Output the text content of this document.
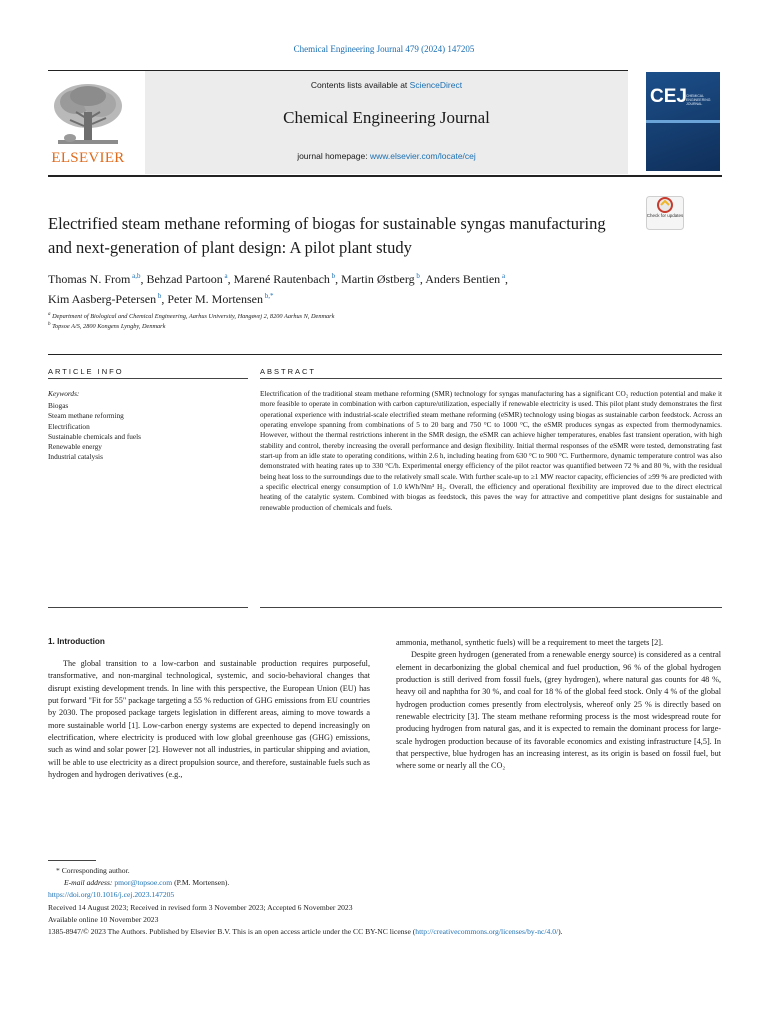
Chemical Engineering Journal 479 (2024) 147205
Contents lists available at ScienceDirect
Chemical Engineering Journal
journal homepage: www.elsevier.com/locate/cej
ELSEVIER
CEJ CHEMICAL ENGINEERING JOURNAL
Check for updates
Electrified steam methane reforming of biogas for sustainable syngas manufacturing and next-generation of plant design: A pilot plant study
Thomas N. From $^{a,b}$, Behzad Partoon $^a$, Marené Rautenbach $^b$, Martin Østberg $^b$, Anders Bentien $^a$,
Kim Aasberg-Petersen $^b$, Peter M. Mortensen $^{b,*}$
$^a$ Department of Biological and Chemical Engineering, Aarhus University, Hangøvej 2, 8200 Aarhus N, Denmark
$^b$ Topsoe A/S, 2800 Kongens Lyngby, Denmark
ARTICLE INFO
Keywords:
Biogas
Steam methane reforming
Electrification
Sustainable chemicals and fuels
Renewable energy
Industrial catalysis
ABSTRACT
Electrification of the traditional steam methane reforming (SMR) technology for syngas manufacturing has a significant CO₂ reduction potential and make it more feasible to operate in combination with carbon capture/utilization, especially if renewable electricity is used. This pilot plant study demonstrates the first operational experience with industrial-scale electrified steam methane reforming (eSMR) technology using biogas as sustainable carbon feedstock. Across an operating envelope spanning from combinations of 5 to 20 barg and 750 °C to 1000 °C, the eSMR produces syngas as expected from thermodynamics. However, without the thermal restrictions inherent in the SMR design, the eSMR can achieve higher temperatures, enables fast transient operation, with high stability and control, thereby increasing the overall performance and design flexibility. Initial thermal responses of the eSMR were tested, demonstrating fast start-up from an idle state to operating conditions, within 2.6 h, including heating from 630 °C to 900 °C. Furthermore, dynamic temperature control was also demonstrated with heating rates up to 330 °C/h. Experimental energy efficiency of the pilot reactor was quantified between 72 % and 80 %, with the residual being heat loss to the surroundings due to the relatively small scale. With further scale-up to ≥1 MW reactor capacity, efficiencies of ≥99 % are predicted with a specific electrical energy consumption of 1.0 kWh/Nm³ H₂. Overall, the efficiency and operational flexibility are improved due to the direct electrical heating of the catalytic system. Combined with biogas as feedstock, this paves the way for attractive and competitive plant designs for sustainable and renewable production of chemicals and fuels.
1. Introduction

The global transition to a low-carbon and sustainable production requires purposeful, transformative, and non-marginal technological, systemic, and socio-behavioral changes that disrupt existing development trends. In line with this perspective, the European Union (EU) has put forward "Fit for 55" package targeting a 55 % reduction of GHG emissions from EU countries by 2030. The proposed package targets legislation in different areas, aiming to move towards a more sustainable world [1]. Low-carbon energy systems are expected to depend increasingly on electrification, where electricity is produced with low global greenhouse gas (GHG) emissions, such as wind and solar power [2]. However not all industries, in particular shipping and aviation, will be able to use electricity as a direct propulsion source, and therefore, sustainable fuels such as hydrogen and hydrogen derivatives (e.g.,

ammonia, methanol, synthetic fuels) will be a requirement to meet the targets [2].

Despite green hydrogen (generated from a renewable energy source) is considered as a central element in decarbonizing the global chemical and fuel production, 96 % of the global hydrogen production is still derived from fossil fuels, (grey hydrogen), where natural gas counts for 48 %, heavy oil and naphtha for 30 %, and coal for 18 % of the global feed stock. Only 4 % of the global hydrogen production comes presently from electrolysis, whereof only 25 % is directly based on renewable electricity [3]. The steam methane reforming process is the most widespread route for producing hydrogen from natural gas, and it is expected to remain the dominant process for large-scale hydrogen production because of its favorable economics and existing infrastructure [4,5]. In that perspective, blue hydrogen has an increasing interest, as its origin is based on fossil fuel, but where some or nearly all the CO₂

* Corresponding author.
E-mail address: pmor@topsoe.com (P.M. Mortensen).
https://doi.org/10.1016/j.cej.2023.147205
Received 14 August 2023; Received in revised form 3 November 2023; Accepted 6 November 2023
Available online 10 November 2023
1385-8947/© 2023 The Authors. Published by Elsevier B.V. This is an open access article under the CC BY-NC license (http://creativecommons.org/licenses/by-nc/4.0/).
